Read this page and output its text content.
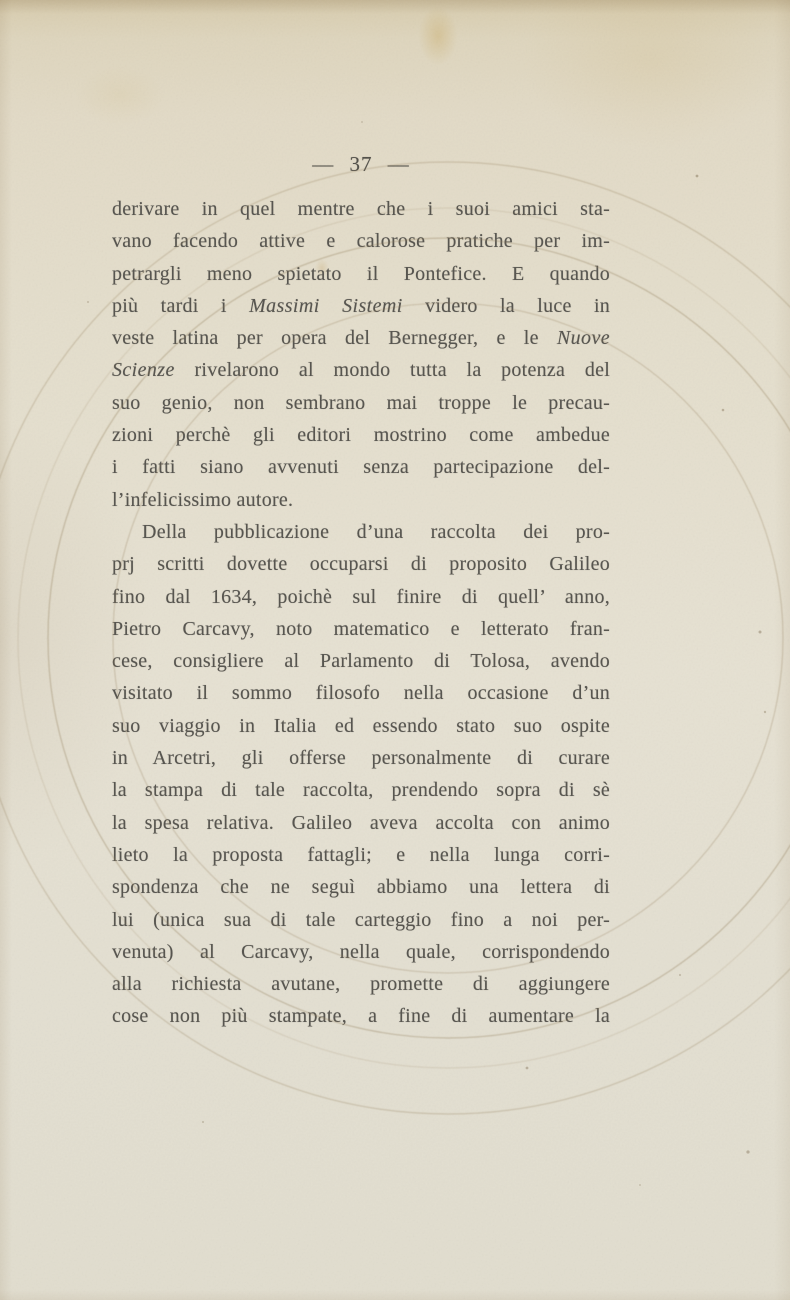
— 37 —
derivare in quel mentre che i suoi amici sta-
vano facendo attive e calorose pratiche per im-
petrargli meno spietato il Pontefice. E quando
più tardi i Massimi Sistemi videro la luce in
veste latina per opera del Bernegger, e le Nuove
Scienze rivelarono al mondo tutta la potenza del
suo genio, non sembrano mai troppe le precau-
zioni perchè gli editori mostrino come ambedue
i fatti siano avvenuti senza partecipazione del-
l’infelicissimo autore.
Della pubblicazione d’una raccolta dei pro-
prj scritti dovette occuparsi di proposito Galileo
fino dal 1634, poichè sul finire di quell’ anno,
Pietro Carcavy, noto matematico e letterato fran-
cese, consigliere al Parlamento di Tolosa, avendo
visitato il sommo filosofo nella occasione d’un
suo viaggio in Italia ed essendo stato suo ospite
in Arcetri, gli offerse personalmente di curare
la stampa di tale raccolta, prendendo sopra di sè
la spesa relativa. Galileo aveva accolta con animo
lieto la proposta fattagli; e nella lunga corri-
spondenza che ne seguì abbiamo una lettera di
lui (unica sua di tale carteggio fino a noi per-
venuta) al Carcavy, nella quale, corrispondendo
alla richiesta avutane, promette di aggiungere
cose non più stampate, a fine di aumentare la
